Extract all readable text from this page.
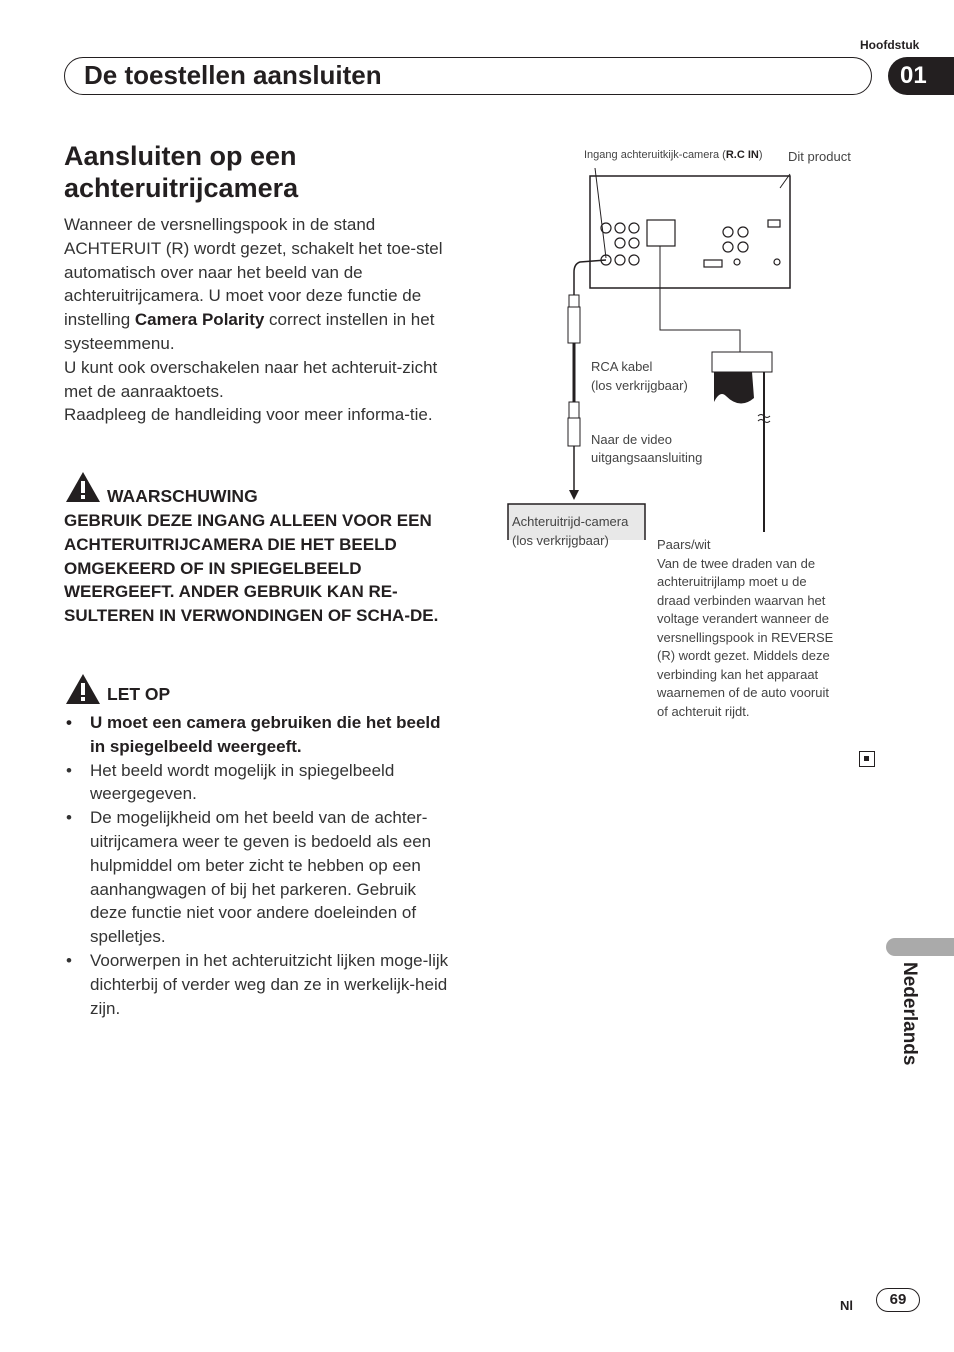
Hoofdstuk
De toestellen aansluiten	01
Aansluiten op een achteruitrijcamera

Wanneer de versnellingspook in de stand ACHTERUIT (R) wordt gezet, schakelt het toe-stel automatisch over naar het beeld van de achteruitrijcamera. U moet voor deze functie de instelling Camera Polarity correct instellen in het systeemmenu.

U kunt ook overschakelen naar het achteruit-zicht met de aanraaktoets.

Raadpleeg de handleiding voor meer informa-tie.

WAARSCHUWING
GEBRUIK DEZE INGANG ALLEEN VOOR EEN ACHTERUITRIJCAMERA DIE HET BEELD OMGEKEERD OF IN SPIEGELBEELD WEERGEEFT. ANDER GEBRUIK KAN RE-SULTEREN IN VERWONDINGEN OF SCHA-DE.
LET OP
• U moet een camera gebruiken die het beeld in spiegelbeeld weergeeft.
• Het beeld wordt mogelijk in spiegelbeeld weergegeven.
• De mogelijkheid om het beeld van de achter-uitrijcamera weer te geven is bedoeld als een hulpmiddel om beter zicht te hebben op een aanhangwagen of bij het parkeren. Gebruik deze functie niet voor andere doeleinden of spelletjes.
• Voorwerpen in het achteruitzicht lijken moge-lijk dichterbij of verder weg dan ze in werkelijk-heid zijn.
Ingang achteruitkijk-camera (R.C IN) Dit product
RCA kabel
(los verkrijgbaar)
Naar de video
uitgangsaansluiting
Achteruitrijd-camera
(los verkrijgbaar)	Paars/wit
Van de twee draden van de
achteruitrijlamp moet u de
draad verbinden waarvan het
voltage verandert wanneer de
versnellingspook in REVERSE
(R) wordt gezet. Middels deze
verbinding kan het apparaat
waarnemen of de auto vooruit
of achteruit rijdt.
Nederlands
Nl	69
